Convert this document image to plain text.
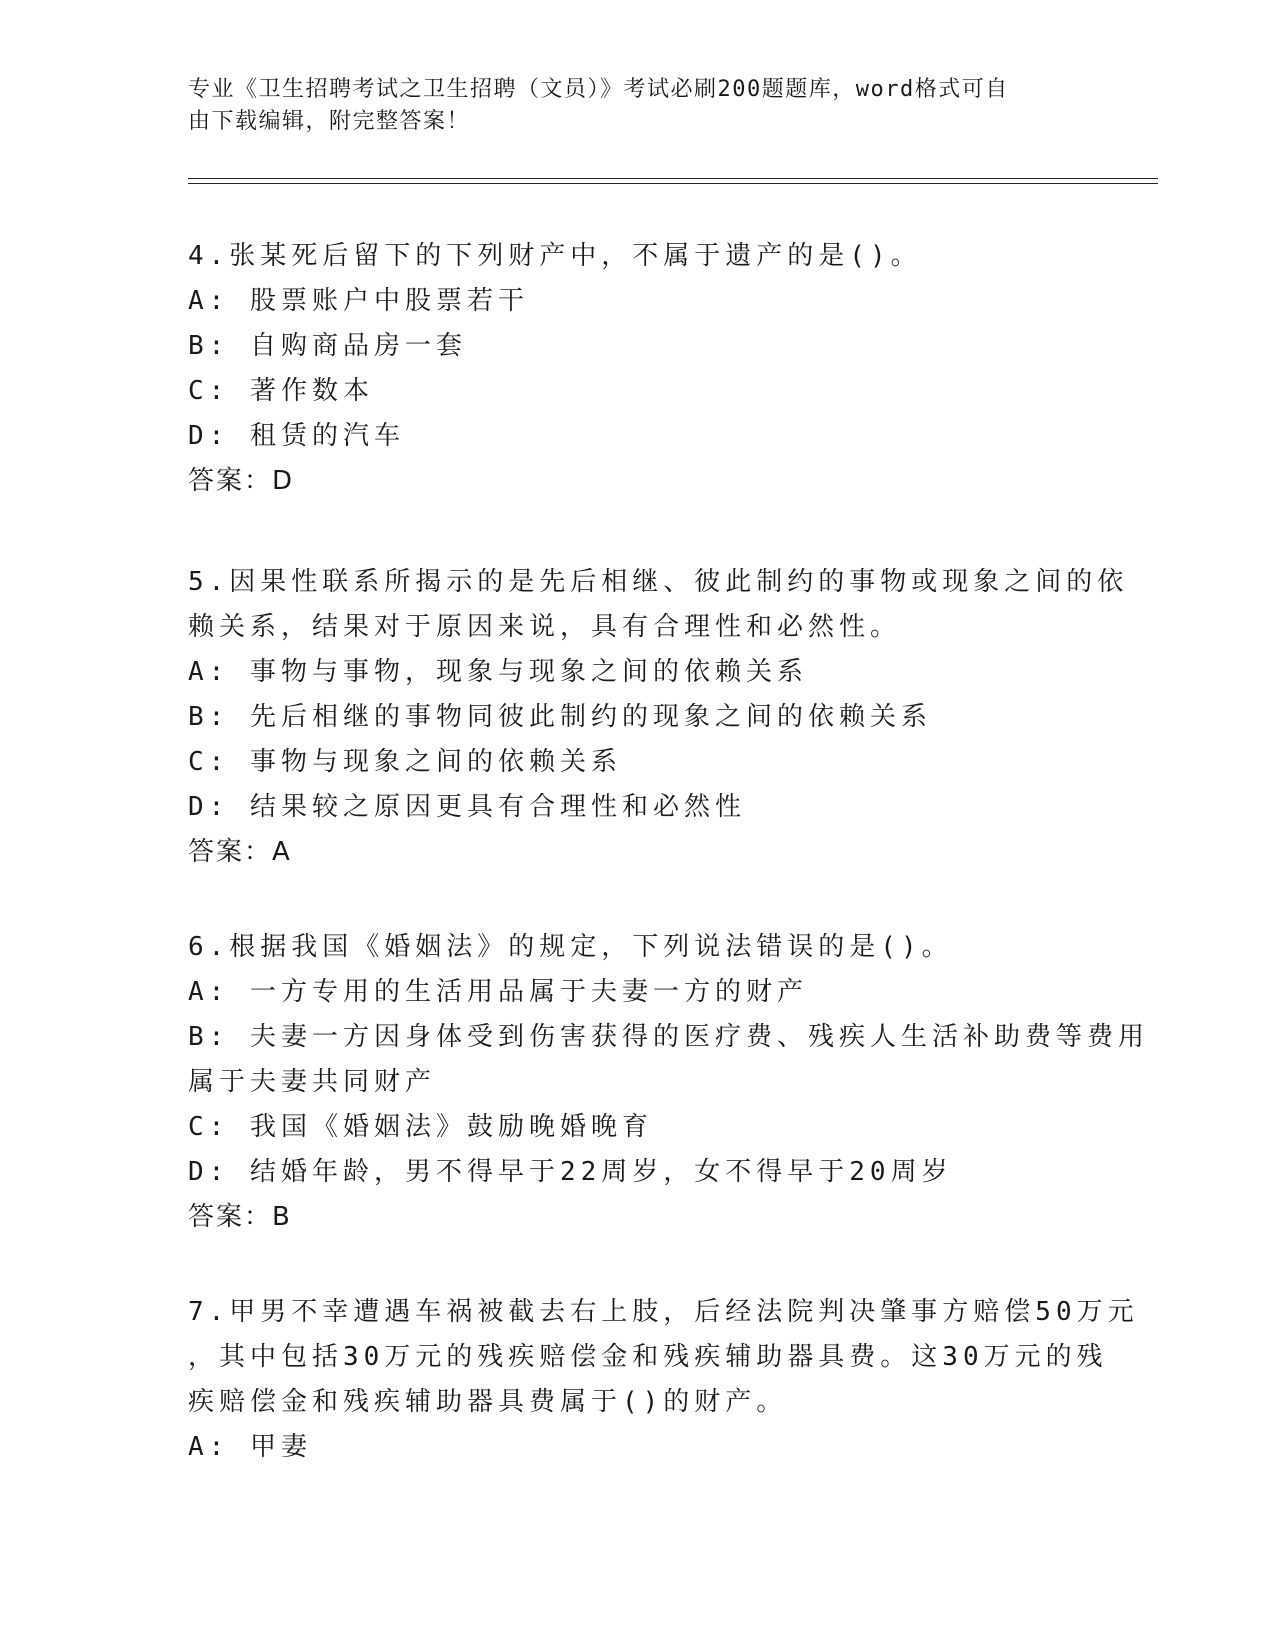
专业《卫生招聘考试之卫生招聘（文员）》考试必刷200题题库，word格式可自
由下载编辑，附完整答案！
4.张某死后留下的下列财产中，不属于遗产的是()。
A: 股票账户中股票若干
B: 自购商品房一套
C: 著作数本
D: 租赁的汽车
答案：D
5.因果性联系所揭示的是先后相继、彼此制约的事物或现象之间的依
赖关系，结果对于原因来说，具有合理性和必然性。
A: 事物与事物，现象与现象之间的依赖关系
B: 先后相继的事物同彼此制约的现象之间的依赖关系
C: 事物与现象之间的依赖关系
D: 结果较之原因更具有合理性和必然性
答案：A
6.根据我国《婚姻法》的规定，下列说法错误的是()。
A: 一方专用的生活用品属于夫妻一方的财产
B: 夫妻一方因身体受到伤害获得的医疗费、残疾人生活补助费等费用
属于夫妻共同财产
C: 我国《婚姻法》鼓励晚婚晚育
D: 结婚年龄，男不得早于22周岁，女不得早于20周岁
答案：B
7.甲男不幸遭遇车祸被截去右上肢，后经法院判决肇事方赔偿50万元
，其中包括30万元的残疾赔偿金和残疾辅助器具费。这30万元的残
疾赔偿金和残疾辅助器具费属于()的财产。
A: 甲妻
